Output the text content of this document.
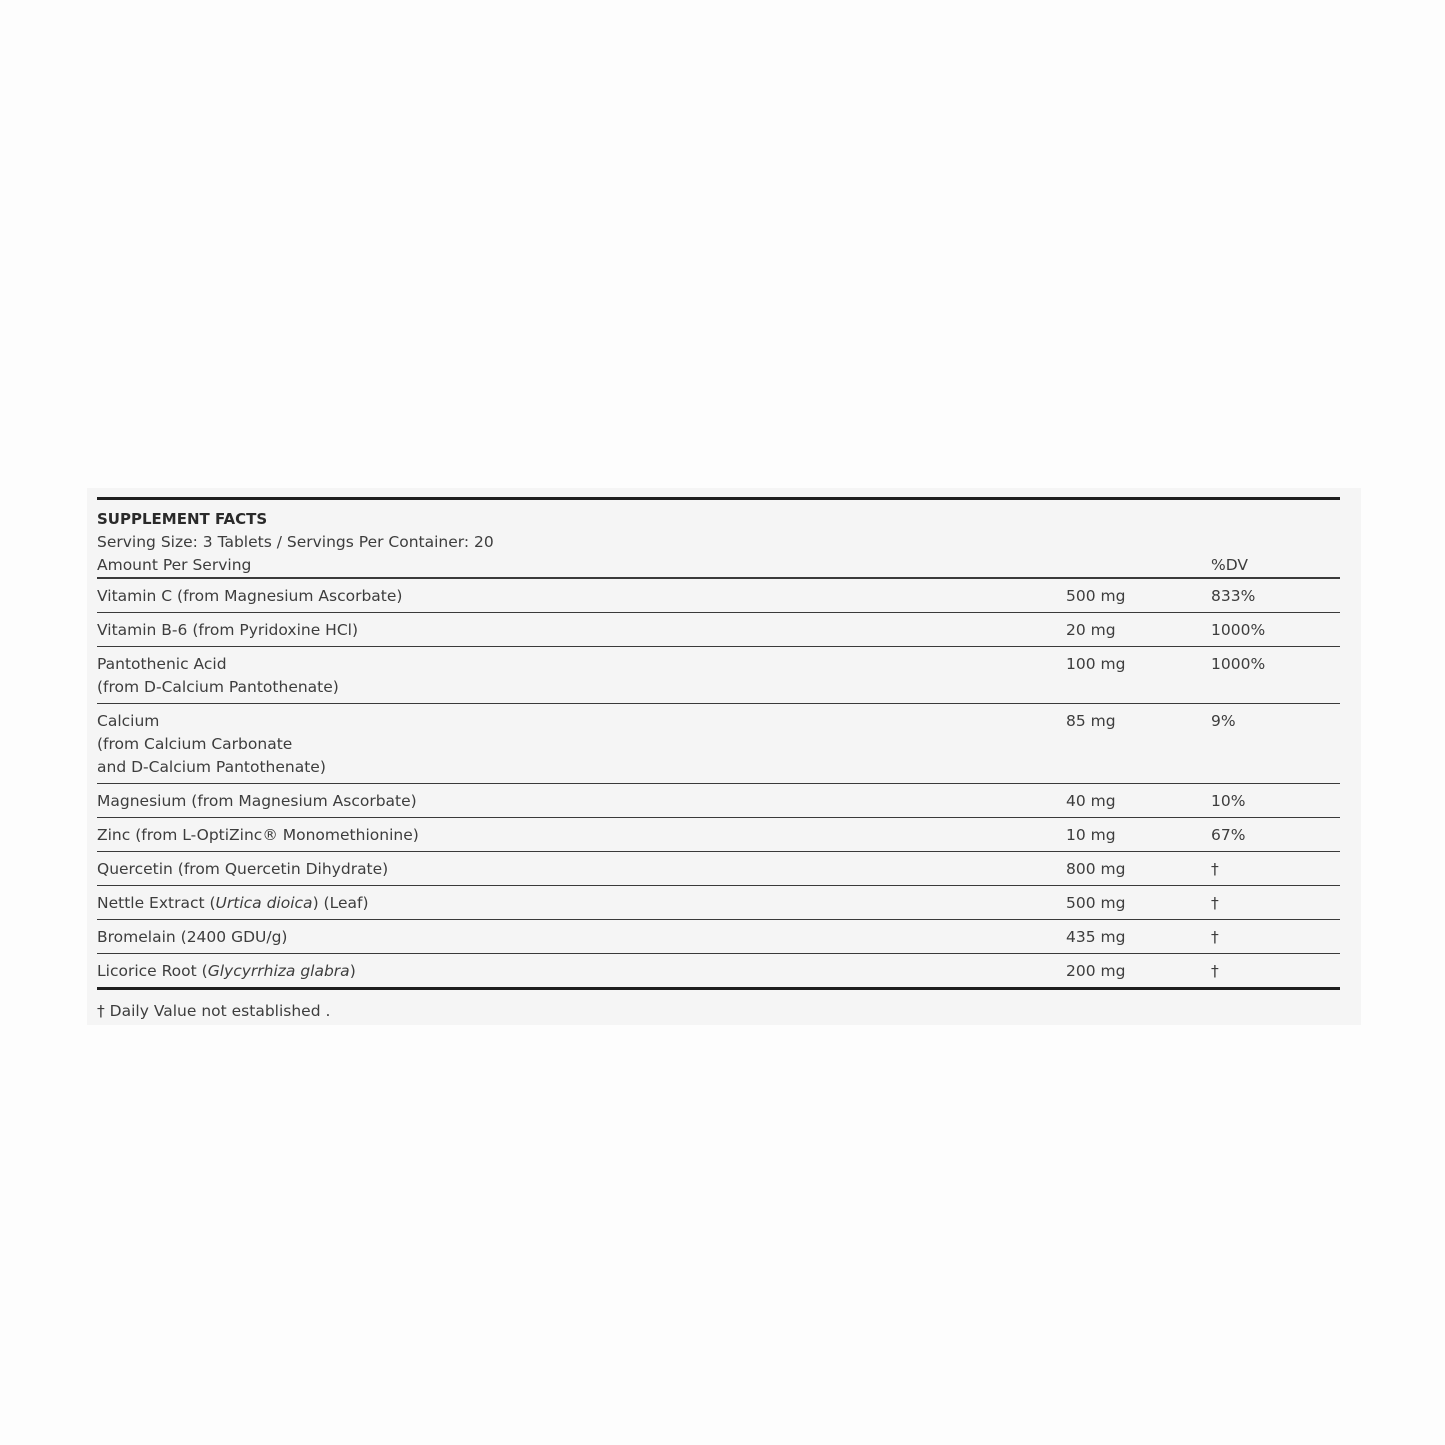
SUPPLEMENT FACTS
Serving Size: 3 Tablets / Servings Per Container: 20
Amount Per Serving	%DV
Vitamin C (from Magnesium Ascorbate)	500 mg	833%
Vitamin B-6 (from Pyridoxine HCl)	20 mg	1000%
Pantothenic Acid
(from D-Calcium Pantothenate)
100 mg	1000%
Calcium
(from Calcium Carbonate
and D-Calcium Pantothenate)
85 mg	9%
Magnesium (from Magnesium Ascorbate)	40 mg	10%
Zinc (from L-OptiZinc® Monomethionine)	10 mg	67%
Quercetin (from Quercetin Dihydrate)	800 mg	†
Nettle Extract (Urtica dioica) (Leaf)	500 mg	†
Bromelain (2400 GDU/g)	435 mg	†
Licorice Root (Glycyrrhiza glabra)	200 mg	†
† Daily Value not established .
